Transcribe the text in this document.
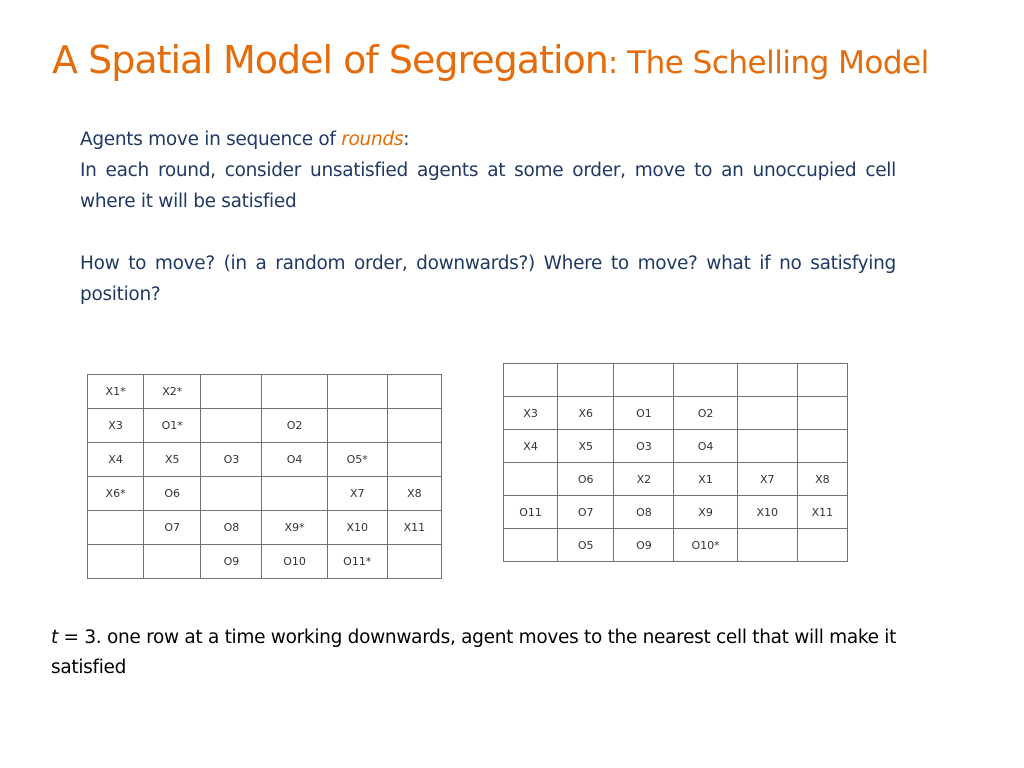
A Spatial Model of Segregation: The Schelling Model

Agents move in sequence of rounds:

In each round, consider unsatisfied agents at some order, move to an unoccupied cell where it will be satisfied

How to move? (in a random order, downwards?) Where to move? what if no satisfying position?

X1*	X2*				
X3	O1*		O2		
X4	X5	O3	O4	O5*	
X6*	O6			X7	X8
	O7	O8	X9*	X10	X11
		O9	O10	O11*	

X3	X6	O1	O2		
X4	X5	O3	O4		
	O6	X2	X1	X7	X8
O11	O7	O8	X9	X10	X11
	O5	O9	O10*		

t = 3. one row at a time working downwards, agent moves to the nearest cell that will make it satisfied
